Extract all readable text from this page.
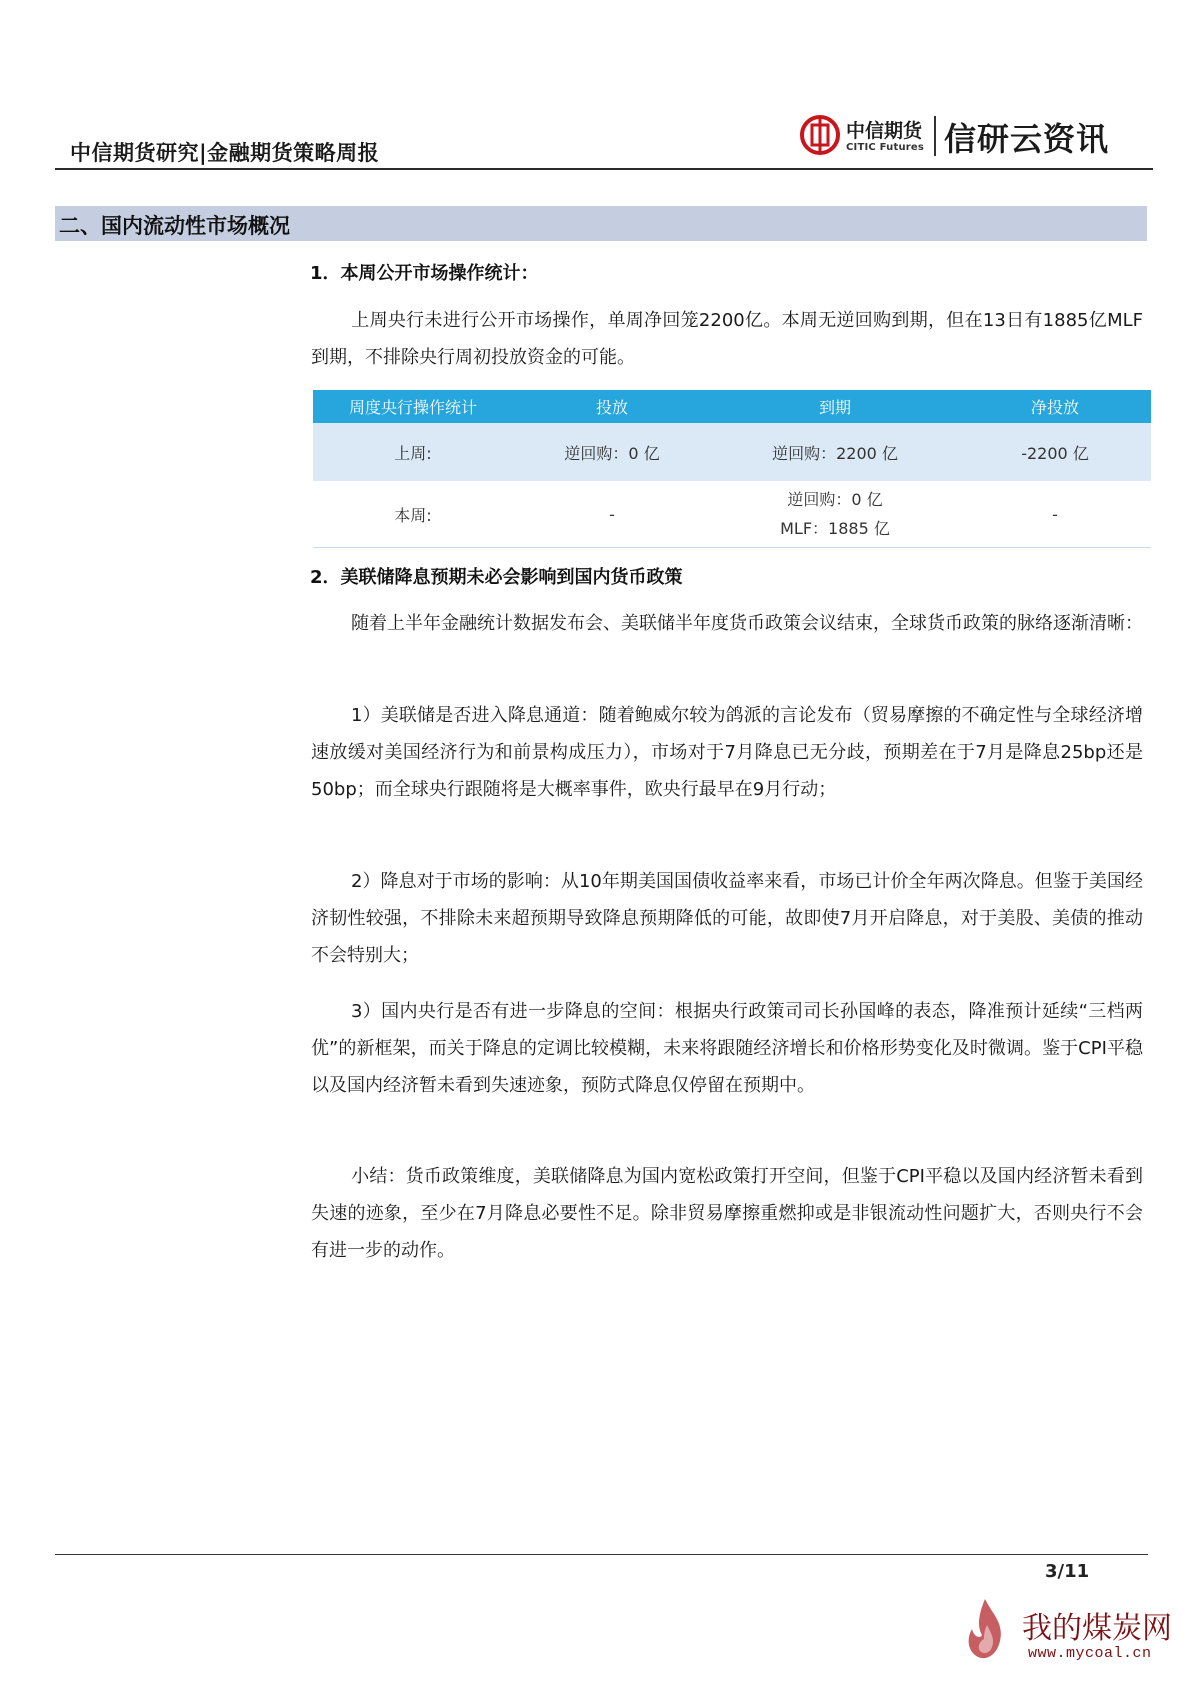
中信期货研究|金融期货策略周报
中信期货
CITIC Futures 信研云资讯
二、国内流动性市场概况
1．本周公开市场操作统计：

上周央行未进行公开市场操作，单周净回笼2200亿。本周无逆回购到期，但在13日有1885亿MLF到期，不排除央行周初投放资金的可能。

周度央行操作统计	投放	到期	净投放
上周:	逆回购：0 亿	逆回购：2200 亿	-2200 亿
本周:	-	逆回购：0 亿
MLF：1885 亿	-
2．美联储降息预期未必会影响到国内货币政策

随着上半年金融统计数据发布会、美联储半年度货币政策会议结束，全球货币政策的脉络逐渐清晰：

1）美联储是否进入降息通道：随着鲍威尔较为鸽派的言论发布（贸易摩擦的不确定性与全球经济增速放缓对美国经济行为和前景构成压力），市场对于7月降息已无分歧，预期差在于7月是降息25bp还是50bp；而全球央行跟随将是大概率事件，欧央行最早在9月行动；

2）降息对于市场的影响：从10年期美国国债收益率来看，市场已计价全年两次降息。但鉴于美国经济韧性较强，不排除未来超预期导致降息预期降低的可能，故即使7月开启降息，对于美股、美债的推动不会特别大；

3）国内央行是否有进一步降息的空间：根据央行政策司司长孙国峰的表态，降准预计延续“三档两优”的新框架，而关于降息的定调比较模糊，未来将跟随经济增长和价格形势变化及时微调。鉴于CPI平稳以及国内经济暂未看到失速迹象，预防式降息仅停留在预期中。

小结：货币政策维度，美联储降息为国内宽松政策打开空间，但鉴于CPI平稳以及国内经济暂未看到失速的迹象，至少在7月降息必要性不足。除非贸易摩擦重燃抑或是非银流动性问题扩大，否则央行不会有进一步的动作。

3/11
我的煤炭网
www.mycoal.cn
